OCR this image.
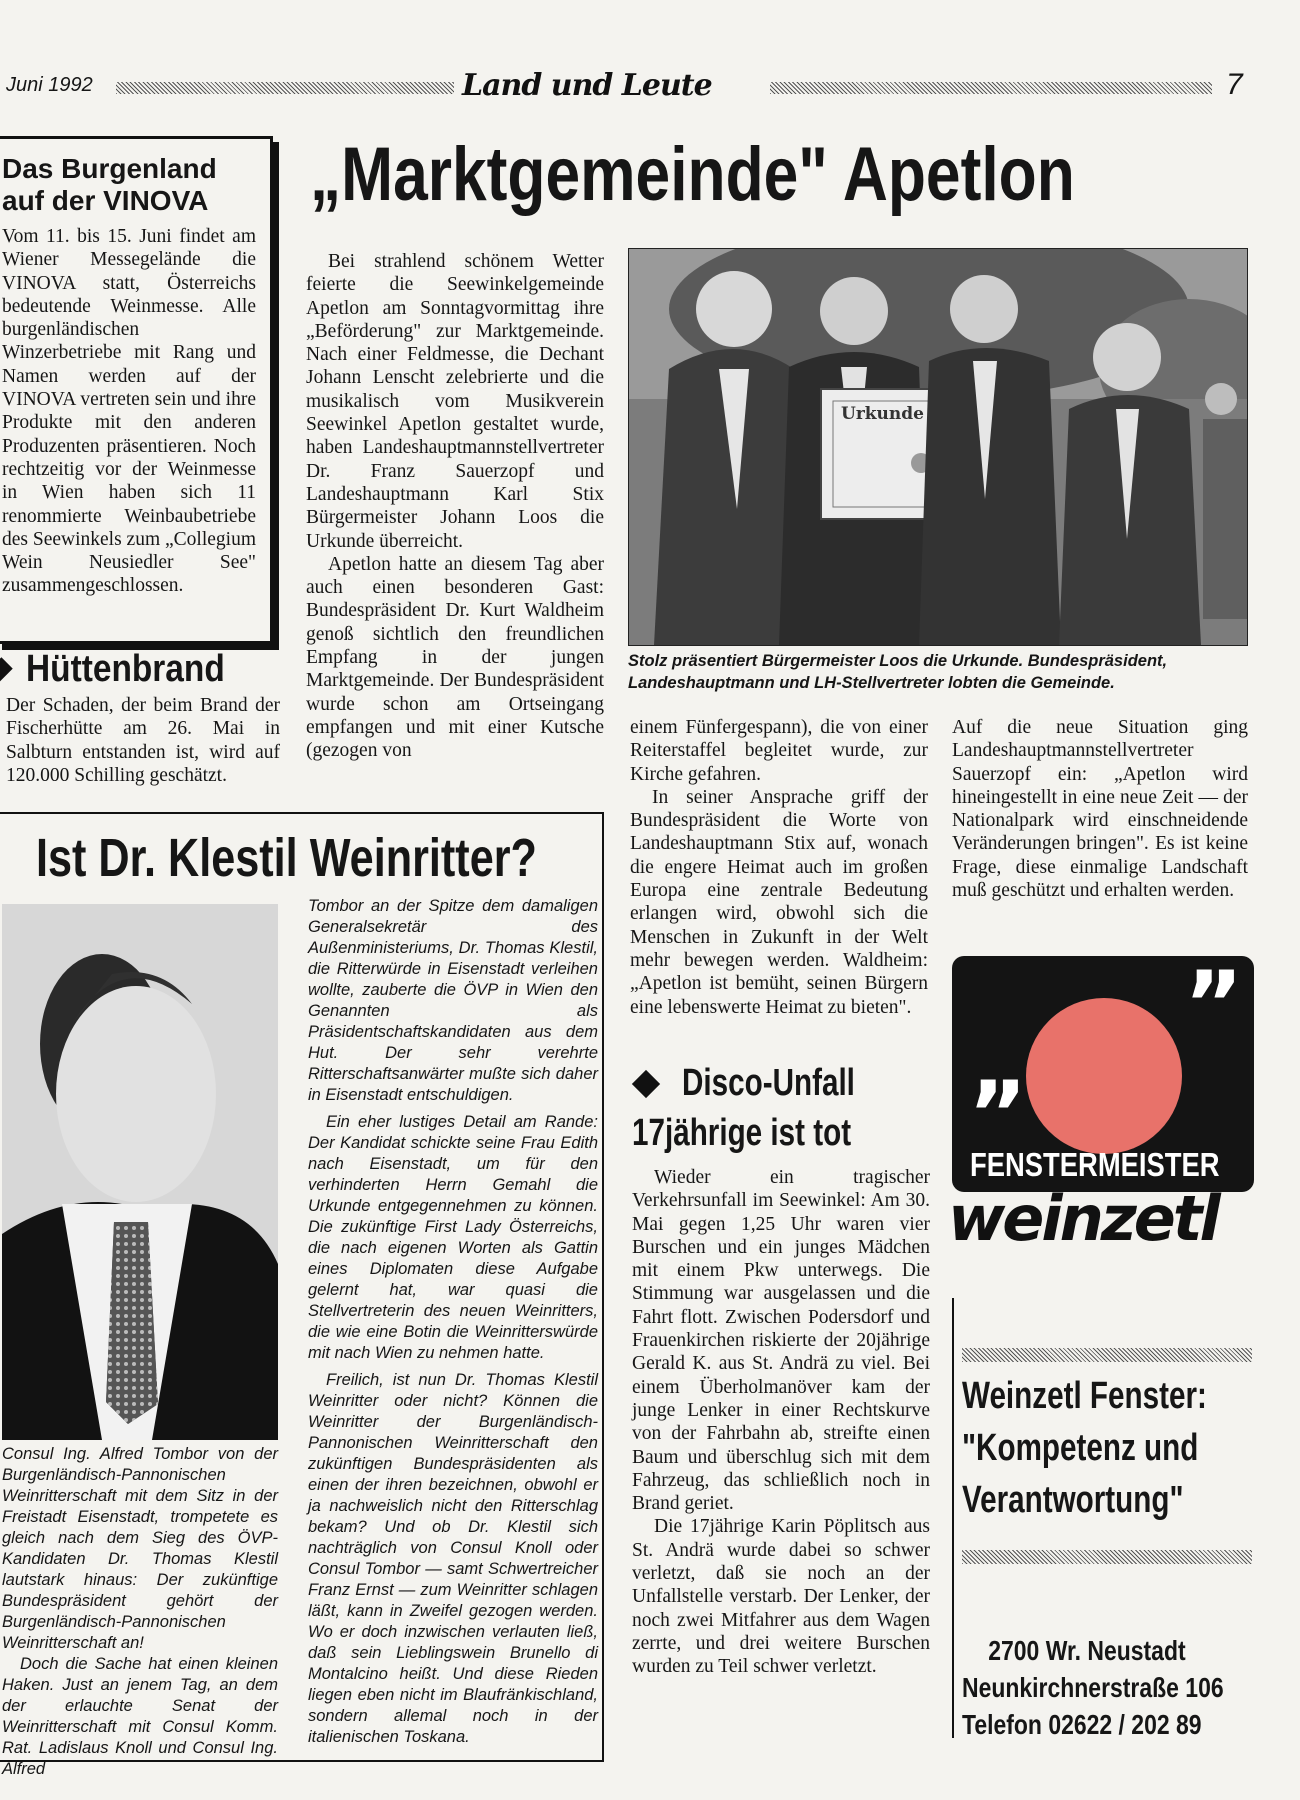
Juni 1992	Land und Leute	7
Das Burgenland
auf der VINOVA
Vom 11. bis 15. Juni findet am Wiener Messegelände die VINOVA statt, Österreichs bedeutende Weinmesse. Alle burgenländischen Winzerbetriebe mit Rang und Namen werden auf der VINOVA vertreten sein und ihre Produkte mit den anderen Produzenten präsentieren. Noch rechtzeitig vor der Weinmesse in Wien haben sich 11 renommierte Weinbaubetriebe des Seewinkels zum „Collegium Wein Neusiedler See" zusammengeschlossen.
Hüttenbrand
Der Schaden, der beim Brand der Fischerhütte am 26. Mai in Salbturn entstanden ist, wird auf 120.000 Schilling geschätzt.
„Marktgemeinde" Apetlon

Bei strahlend schönem Wetter feierte die Seewinkelgemeinde Apetlon am Sonntagvormittag ihre „Beförderung" zur Marktgemeinde. Nach einer Feldmesse, die Dechant Johann Lenscht zelebrierte und die musikalisch vom Musikverein Seewinkel Apetlon gestaltet wurde, haben Landeshauptmannstellvertreter Dr. Franz Sauerzopf und Landeshauptmann Karl Stix Bürgermeister Johann Loos die Urkunde überreicht.

Apetlon hatte an diesem Tag aber auch einen besonderen Gast: Bundespräsident Dr. Kurt Waldheim genoß sichtlich den freundlichen Empfang in der jungen Marktgemeinde. Der Bundespräsident wurde schon am Ortseingang empfangen und mit einer Kutsche (gezogen von

Urkunde
Stolz präsentiert Bürgermeister Loos die Urkunde. Bundespräsident, Landeshauptmann und LH-Stellvertreter lobten die Gemeinde.

einem Fünfergespann), die von einer Reiterstaffel begleitet wurde, zur Kirche gefahren.

In seiner Ansprache griff der Bundespräsident die Worte von Landeshauptmann Stix auf, wonach die engere Heimat auch im großen Europa eine zentrale Bedeutung erlangen wird, obwohl sich die Menschen in Zukunft in der Welt mehr bewegen werden. Waldheim: „Apetlon ist bemüht, seinen Bürgern eine lebenswerte Heimat zu bieten".

Auf die neue Situation ging Landeshauptmannstellvertreter Sauerzopf ein: „Apetlon wird hineingestellt in eine neue Zeit — der Nationalpark wird einschneidende Veränderungen bringen". Es ist keine Frage, diese einmalige Landschaft muß geschützt und erhalten werden.

Ist Dr. Klestil Weinritter?

Consul Ing. Alfred Tombor von der Burgenländisch-Pannonischen Weinritterschaft mit dem Sitz in der Freistadt Eisenstadt, trompetete es gleich nach dem Sieg des ÖVP-Kandidaten Dr. Thomas Klestil lautstark hinaus: Der zukünftige Bundespräsident gehört der Burgenländisch-Pannonischen Weinritterschaft an!

Doch die Sache hat einen kleinen Haken. Just an jenem Tag, an dem der erlauchte Senat der Weinritterschaft mit Consul Komm. Rat. Ladislaus Knoll und Consul Ing. Alfred

Tombor an der Spitze dem damaligen Generalsekretär des Außenministeriums, Dr. Thomas Klestil, die Ritterwürde in Eisenstadt verleihen wollte, zauberte die ÖVP in Wien den Genannten als Präsidentschaftskandidaten aus dem Hut. Der sehr verehrte Ritterschaftsanwärter mußte sich daher in Eisenstadt entschuldigen.

Ein eher lustiges Detail am Rande: Der Kandidat schickte seine Frau Edith nach Eisenstadt, um für den verhinderten Herrn Gemahl die Urkunde entgegennehmen zu können. Die zukünftige First Lady Österreichs, die nach eigenen Worten als Gattin eines Diplomaten diese Aufgabe gelernt hat, war quasi die Stellvertreterin des neuen Weinritters, die wie eine Botin die Weinritterswürde mit nach Wien zu nehmen hatte.

Freilich, ist nun Dr. Thomas Klestil Weinritter oder nicht? Können die Weinritter der Burgenländisch-Pannonischen Weinritterschaft den zukünftigen Bundespräsidenten als einen der ihren bezeichnen, obwohl er ja nachweislich nicht den Ritterschlag bekam? Und ob Dr. Klestil sich nachträglich von Consul Knoll oder Consul Tombor — samt Schwertreicher Franz Ernst — zum Weinritter schlagen läßt, kann in Zweifel gezogen werden. Wo er doch inzwischen verlauten ließ, daß sein Lieblingswein Brunello di Montalcino heißt. Und diese Rieden liegen eben nicht im Blaufränkischland, sondern allemal noch in der italienischen Toskana.

Disco-Unfall
17jährige ist tot

Wieder ein tragischer Verkehrsunfall im Seewinkel: Am 30. Mai gegen 1,25 Uhr waren vier Burschen und ein junges Mädchen mit einem Pkw unterwegs. Die Stimmung war ausgelassen und die Fahrt flott. Zwischen Podersdorf und Frauenkirchen riskierte der 20jährige Gerald K. aus St. Andrä zu viel. Bei einem Überholmanöver kam der junge Lenker in einer Rechtskurve von der Fahrbahn ab, streifte einen Baum und überschlug sich mit dem Fahrzeug, das schließlich noch in Brand geriet.

Die 17jährige Karin Pöplitsch aus St. Andrä wurde dabei so schwer verletzt, daß sie noch an der Unfallstelle verstarb. Der Lenker, der noch zwei Mitfahrer aus dem Wagen zerrte, und drei weitere Burschen wurden zu Teil schwer verletzt.

”
”
FENSTERMEISTER
weinzetl
Weinzetl Fenster:
"Kompetenz und
Verantwortung"
2700 Wr. Neustadt
Neunkirchnerstraße 106
Telefon 02622 / 202 89
